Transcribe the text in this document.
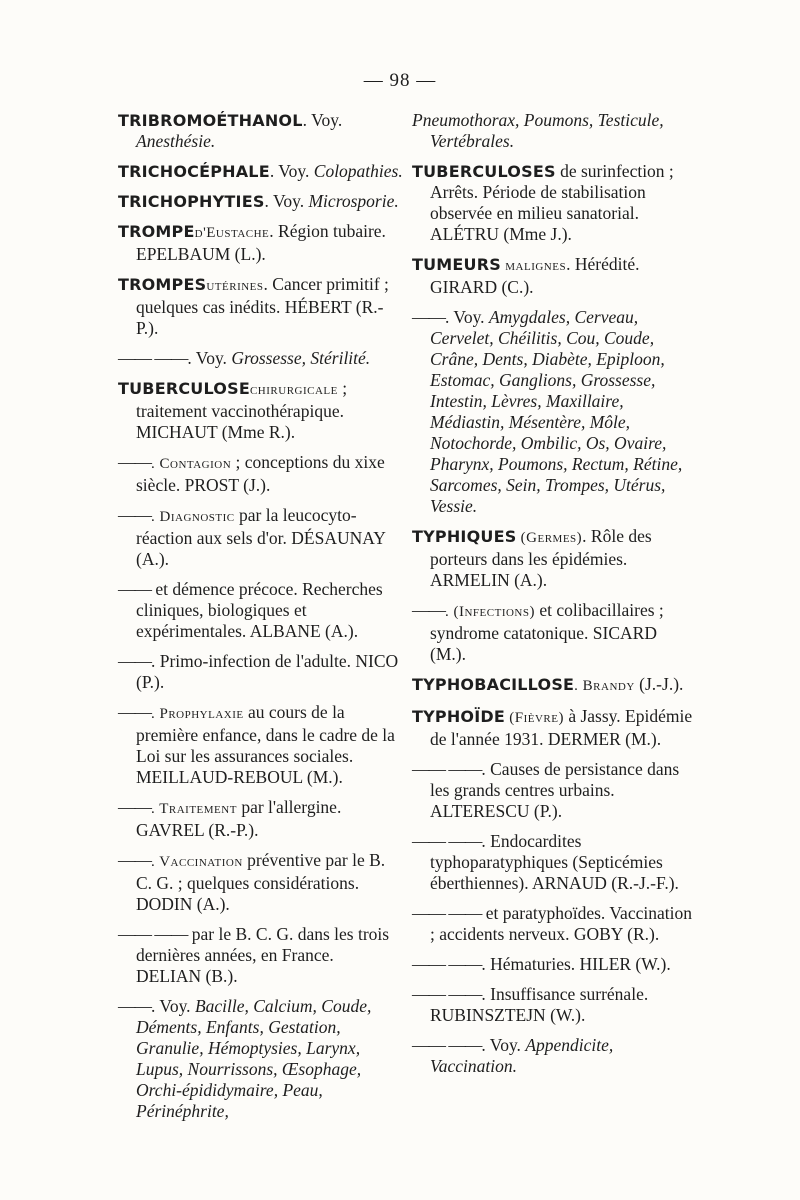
— 98 —
TRIBROMOÉTHANOL. Voy. Anesthésie.
TRICHOCÉPHALE. Voy. Colopathies.
TRICHOPHYTIES. Voy. Microsporie.
TROMPEd'Eustache. Région tubaire. EPELBAUM (L.).
TROMPESutérines. Cancer primitif ; quelques cas inédits. HÉBERT (R.-P.).
—— ——. Voy. Grossesse, Stérilité.
TUBERCULOSEchirurgicale ; traitement vaccinothérapique. MICHAUT (Mme R.).
——. Contagion ; conceptions du xixe siècle. PROST (J.).
——. Diagnostic par la leucocyto-réaction aux sels d'or. DÉSAUNAY (A.).
—— et démence précoce. Recherches cliniques, biologiques et expérimentales. ALBANE (A.).
——. Primo-infection de l'adulte. NICO (P.).
——. Prophylaxie au cours de la première enfance, dans le cadre de la Loi sur les assurances sociales. MEILLAUD-REBOUL (M.).
——. Traitement par l'allergine. GAVREL (R.-P.).
——. Vaccination préventive par le B. C. G. ; quelques considérations. DODIN (A.).
—— —— par le B. C. G. dans les trois dernières années, en France. DELIAN (B.).
——. Voy. Bacille, Calcium, Coude, Déments, Enfants, Gestation, Granulie, Hémoptysies, Larynx, Lupus, Nourrissons, Œsophage, Orchi-épididymaire, Peau, Périnéphrite,
Pneumothorax, Poumons, Testicule, Vertébrales.
TUBERCULOSES de surinfection ; Arrêts. Période de stabilisation observée en milieu sanatorial. ALÉTRU (Mme J.).
TUMEURS malignes. Hérédité. GIRARD (C.).
——. Voy. Amygdales, Cerveau, Cervelet, Chéilitis, Cou, Coude, Crâne, Dents, Diabète, Epiploon, Estomac, Ganglions, Grossesse, Intestin, Lèvres, Maxillaire, Médiastin, Mésentère, Môle, Notochorde, Ombilic, Os, Ovaire, Pharynx, Poumons, Rectum, Rétine, Sarcomes, Sein, Trompes, Utérus, Vessie.
TYPHIQUES (Germes). Rôle des porteurs dans les épidémies. ARMELIN (A.).
——. (Infections) et colibacillaires ; syndrome catatonique. SICARD (M.).
TYPHOBACILLOSE. Brandy (J.-J.).
TYPHOÏDE (Fièvre) à Jassy. Epidémie de l'année 1931. DERMER (M.).
—— ——. Causes de persistance dans les grands centres urbains. ALTERESCU (P.).
—— ——. Endocardites typhoparatyphiques (Septicémies éberthiennes). ARNAUD (R.-J.-F.).
—— —— et paratyphoïdes. Vaccination ; accidents nerveux. GOBY (R.).
—— ——. Hématuries. HILER (W.).
—— ——. Insuffisance surrénale. RUBINSZTEJN (W.).
—— ——. Voy. Appendicite, Vaccination.
